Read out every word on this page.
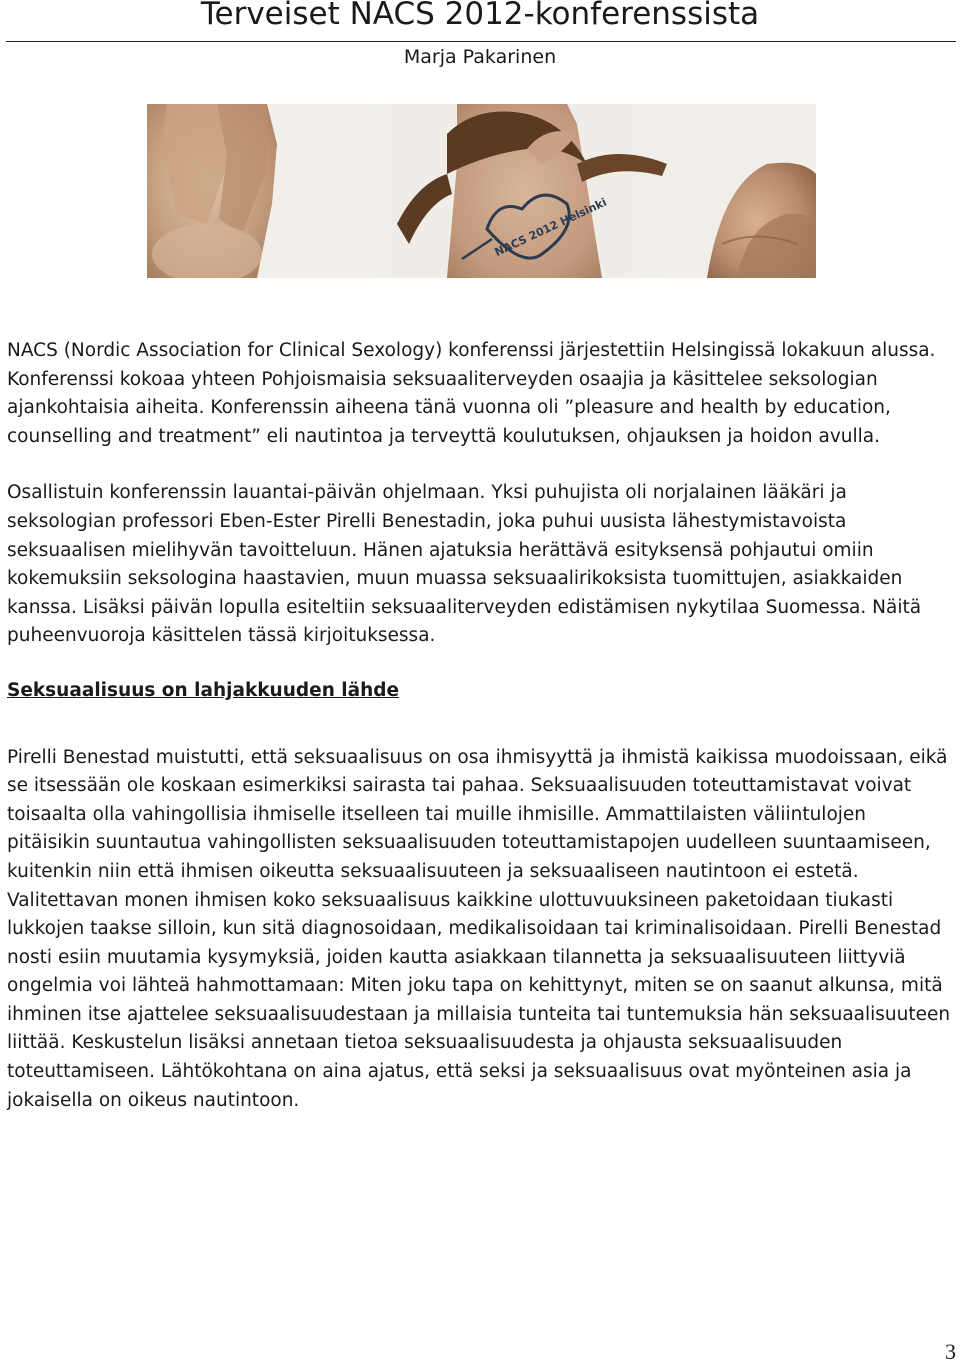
Terveiset NACS 2012-konferenssista
Marja Pakarinen
NACS 2012 Helsinki

NACS (Nordic Association for Clinical Sexology) konferenssi järjestettiin Helsingissä lokakuun alussa. Konferenssi kokoaa yhteen Pohjoismaisia seksuaaliterveyden osaajia ja käsittelee seksologian ajankohtaisia aiheita. Konferenssin aiheena tänä vuonna oli ”pleasure and health by education, counselling and treatment” eli nautintoa ja terveyttä koulutuksen, ohjauksen ja hoidon avulla.

Osallistuin konferenssin lauantai-päivän ohjelmaan. Yksi puhujista oli norjalainen lääkäri ja seksologian professori Eben-Ester Pirelli Benestadin, joka puhui uusista lähestymistavoista seksuaalisen mielihyvän tavoitteluun. Hänen ajatuksia herättävä esityksensä pohjautui omiin kokemuksiin seksologina haastavien, muun muassa seksuaalirikoksista tuomittujen, asiakkaiden kanssa. Lisäksi päivän lopulla esiteltiin seksuaaliterveyden edistämisen nykytilaa Suomessa. Näitä puheenvuoroja käsittelen tässä kirjoituksessa.

Seksuaalisuus on lahjakkuuden lähde

Pirelli Benestad muistutti, että seksuaalisuus on osa ihmisyyttä ja ihmistä kaikissa muodoissaan, eikä se itsessään ole koskaan esimerkiksi sairasta tai pahaa. Seksuaalisuuden toteuttamistavat voivat toisaalta olla vahingollisia ihmiselle itselleen tai muille ihmisille. Ammattilaisten väliintulojen pitäisikin suuntautua vahingollisten seksuaalisuuden toteuttamistapojen uudelleen suuntaamiseen, kuitenkin niin että ihmisen oikeutta seksuaalisuuteen ja seksuaaliseen nautintoon ei estetä. Valitettavan monen ihmisen koko seksuaalisuus kaikkine ulottuvuuksineen paketoidaan tiukasti lukkojen taakse silloin, kun sitä diagnosoidaan, medikalisoidaan tai kriminalisoidaan. Pirelli Benestad nosti esiin muutamia kysymyksiä, joiden kautta asiakkaan tilannetta ja seksuaalisuuteen liittyviä ongelmia voi lähteä hahmottamaan: Miten joku tapa on kehittynyt, miten se on saanut alkunsa, mitä ihminen itse ajattelee seksuaalisuudestaan ja millaisia tunteita tai tuntemuksia hän seksuaalisuuteen liittää. Keskustelun lisäksi annetaan tietoa seksuaalisuudesta ja ohjausta seksuaalisuuden toteuttamiseen. Lähtökohtana on aina ajatus, että seksi ja seksuaalisuus ovat myönteinen asia ja jokaisella on oikeus nautintoon.

3
